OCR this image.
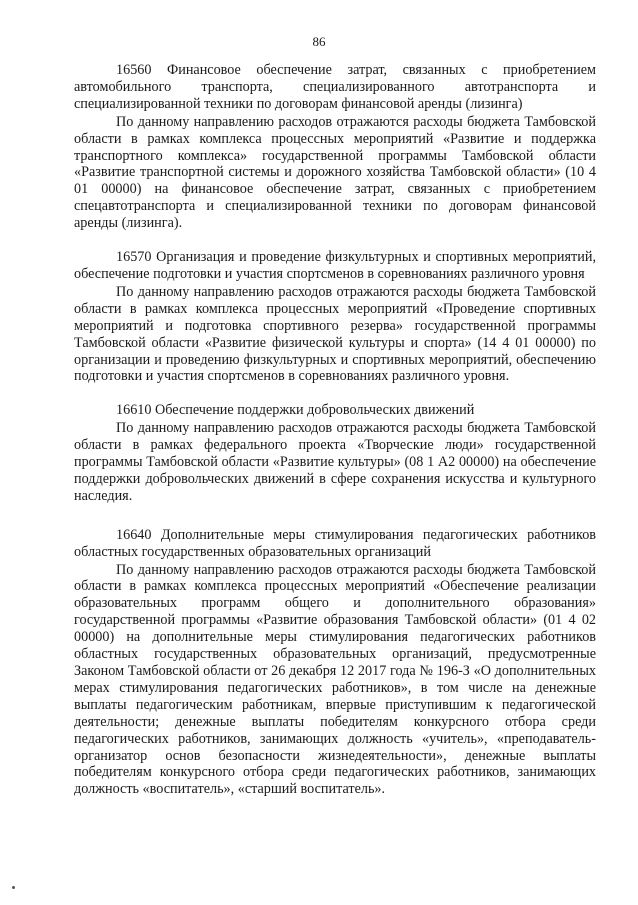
86

16560 Финансовое обеспечение затрат, связанных с приобретением автомобильного транспорта, специализированного автотранспорта и специализированной техники по договорам финансовой аренды (лизинга)

По данному направлению расходов отражаются расходы бюджета Тамбовской области в рамках комплекса процессных мероприятий «Развитие и поддержка транспортного комплекса» государственной программы Тамбовской области «Развитие транспортной системы и дорожного хозяйства Тамбовской области» (10 4 01 00000) на финансовое обеспечение затрат, связанных с приобретением спецавтотранспорта и специализированной техники по договорам финансовой аренды (лизинга).

16570 Организация и проведение физкультурных и спортивных мероприятий, обеспечение подготовки и участия спортсменов в соревнованиях различного уровня

По данному направлению расходов отражаются расходы бюджета Тамбовской области в рамках комплекса процессных мероприятий «Проведение спортивных мероприятий и подготовка спортивного резерва» государственной программы Тамбовской области «Развитие физической культуры и спорта» (14 4 01 00000) по организации и проведению физкультурных и спортивных мероприятий, обеспечению подготовки и участия спортсменов в соревнованиях различного уровня.

16610 Обеспечение поддержки добровольческих движений

По данному направлению расходов отражаются расходы бюджета Тамбовской области в рамках федерального проекта «Творческие люди» государственной программы Тамбовской области «Развитие культуры» (08 1 А2 00000) на обеспечение поддержки добровольческих движений в сфере сохранения искусства и культурного наследия.

16640 Дополнительные меры стимулирования педагогических работников областных государственных образовательных организаций

По данному направлению расходов отражаются расходы бюджета Тамбовской области в рамках комплекса процессных мероприятий «Обеспечение реализации образовательных программ общего и дополнительного образования» государственной программы «Развитие образования Тамбовской области» (01 4 02 00000) на дополнительные меры стимулирования педагогических работников областных государственных образовательных организаций, предусмотренные Законом Тамбовской области от 26 декабря 12 2017 года № 196-З «О дополнительных мерах стимулирования педагогических работников», в том числе на денежные выплаты педагогическим работникам, впервые приступившим к педагогической деятельности; денежные выплаты победителям конкурсного отбора среди педагогических работников, занимающих должность «учитель», «преподаватель-организатор основ безопасности жизнедеятельности», денежные выплаты победителям конкурсного отбора среди педагогических работников, занимающих должность «воспитатель», «старший воспитатель».
